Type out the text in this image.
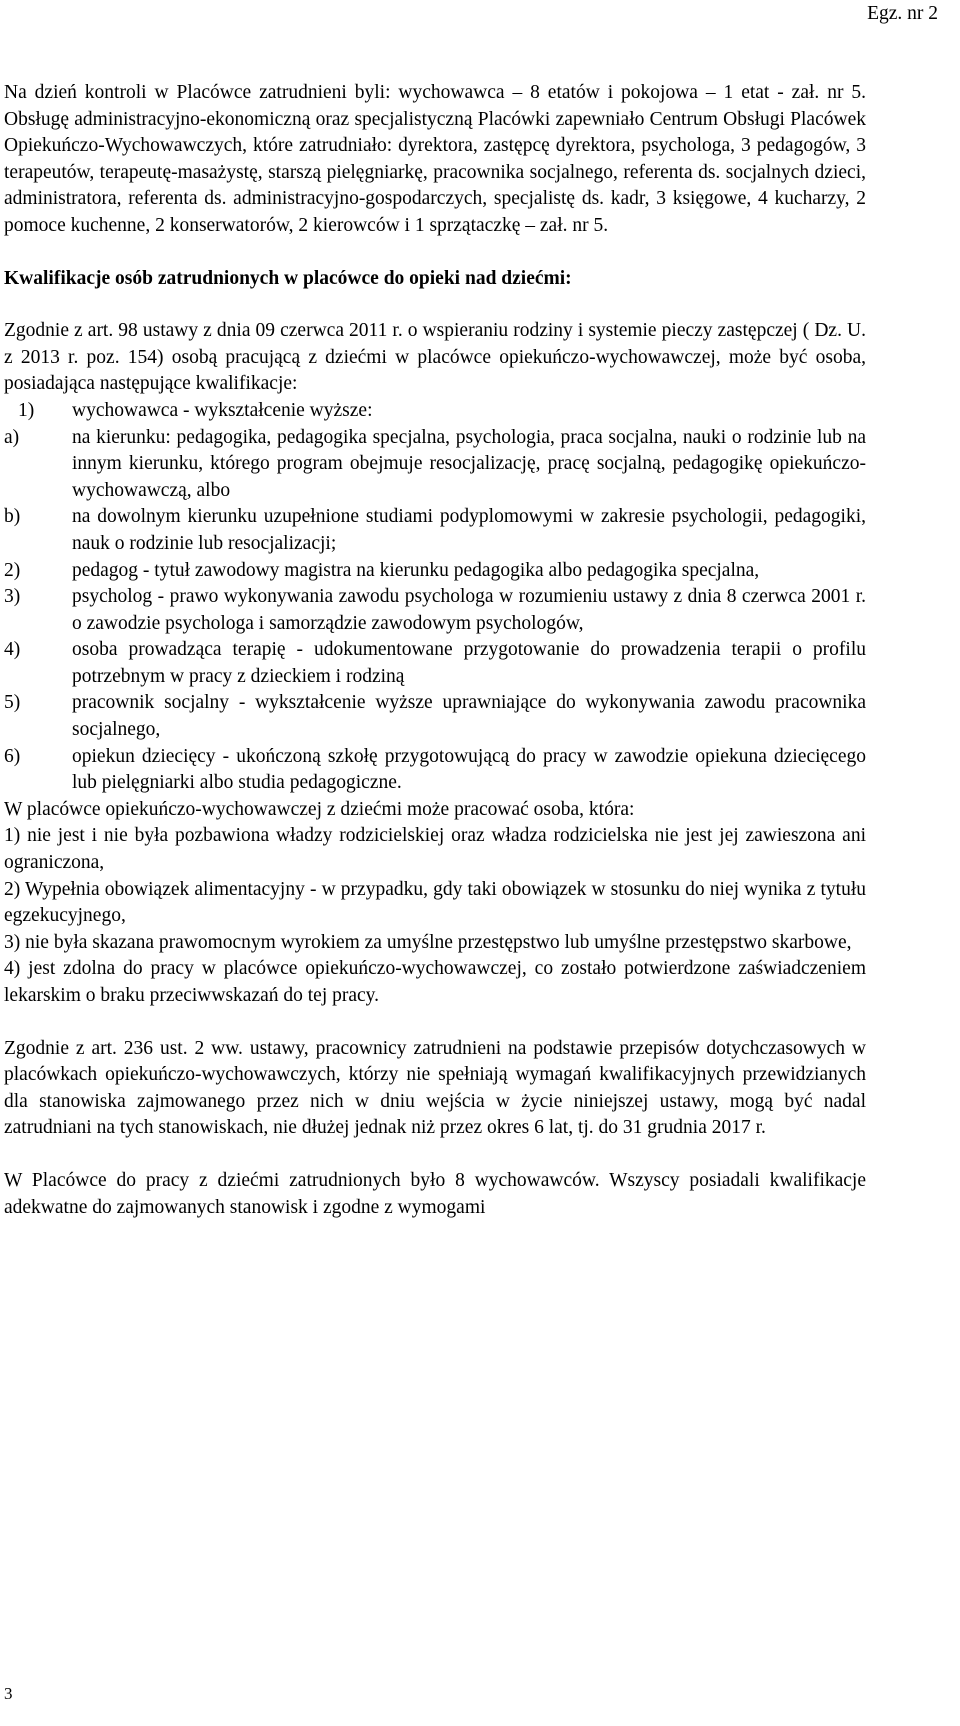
Egz. nr 2

Na dzień kontroli w Placówce zatrudnieni byli: wychowawca – 8 etatów i pokojowa – 1 etat - zał. nr 5. Obsługę administracyjno-ekonomiczną oraz specjalistyczną Placówki zapewniało Centrum Obsługi Placówek Opiekuńczo-Wychowawczych, które zatrudniało: dyrektora, zastępcę dyrektora, psychologa, 3 pedagogów, 3 terapeutów, terapeutę-masażystę, starszą pielęgniarkę, pracownika socjalnego, referenta ds. socjalnych dzieci, administratora, referenta ds. administracyjno-gospodarczych, specjalistę ds. kadr, 3 księgowe, 4 kucharzy, 2 pomoce kuchenne, 2 konserwatorów, 2 kierowców i 1 sprzątaczkę – zał. nr 5.

Kwalifikacje osób zatrudnionych w placówce do opieki nad dziećmi:

Zgodnie z art. 98 ustawy z dnia 09 czerwca 2011 r. o wspieraniu rodziny i systemie pieczy zastępczej ( Dz. U. z 2013 r. poz. 154) osobą pracującą z dziećmi w placówce opiekuńczo-wychowawczej, może być osoba, posiadająca następujące kwalifikacje:

1)	wychowawca - wykształcenie wyższe:
a)	na kierunku: pedagogika, pedagogika specjalna, psychologia, praca socjalna, nauki o rodzinie lub na innym kierunku, którego program obejmuje resocjalizację, pracę socjalną, pedagogikę opiekuńczo-wychowawczą, albo
b)	na dowolnym kierunku uzupełnione studiami podyplomowymi w zakresie psychologii, pedagogiki, nauk o rodzinie lub resocjalizacji;
2)	pedagog - tytuł zawodowy magistra na kierunku pedagogika albo pedagogika specjalna,
3)	psycholog - prawo wykonywania zawodu psychologa w rozumieniu ustawy z dnia 8 czerwca 2001 r. o zawodzie psychologa i samorządzie zawodowym psychologów,
4)	osoba prowadząca terapię - udokumentowane przygotowanie do prowadzenia terapii o profilu potrzebnym w pracy z dzieckiem i rodziną
5)	pracownik socjalny - wykształcenie wyższe uprawniające do wykonywania zawodu pracownika socjalnego,
6)	opiekun dziecięcy - ukończoną szkołę przygotowującą do pracy w zawodzie opiekuna dziecięcego lub pielęgniarki albo studia pedagogiczne.

W placówce opiekuńczo-wychowawczej z dziećmi może pracować osoba, która:

1) nie jest i nie była pozbawiona władzy rodzicielskiej oraz władza rodzicielska nie jest jej zawieszona ani ograniczona,

2) Wypełnia obowiązek alimentacyjny - w przypadku, gdy taki obowiązek w stosunku do niej wynika z tytułu egzekucyjnego,

3) nie była skazana prawomocnym wyrokiem za umyślne przestępstwo lub umyślne przestępstwo skarbowe,

4) jest zdolna do pracy w placówce opiekuńczo-wychowawczej, co zostało potwierdzone zaświadczeniem lekarskim o braku przeciwwskazań do tej pracy.

Zgodnie z art. 236 ust. 2 ww. ustawy, pracownicy zatrudnieni na podstawie przepisów dotychczasowych w placówkach opiekuńczo-wychowawczych, którzy nie spełniają wymagań kwalifikacyjnych przewidzianych dla stanowiska zajmowanego przez nich w dniu wejścia w życie niniejszej ustawy, mogą być nadal zatrudniani na tych stanowiskach, nie dłużej jednak niż przez okres 6 lat, tj. do 31 grudnia 2017 r.

W Placówce do pracy z dziećmi zatrudnionych było 8 wychowawców. Wszyscy posiadali kwalifikacje adekwatne do zajmowanych stanowisk i zgodne z wymogami

3
